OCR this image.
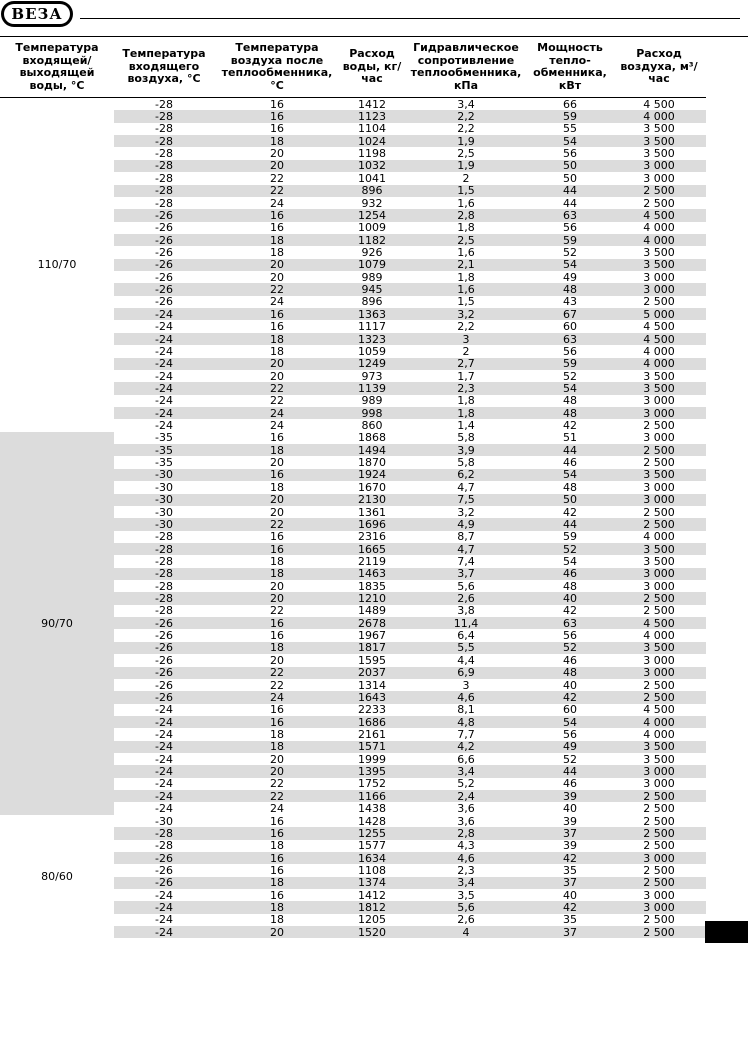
ВЕЗА
Температура входящей/ выходящей воды, °С	Температура входящего воздуха, °С	Температура воздуха после теплообменника, °С	Расход воды, кг/час	Гидравлическое сопротивление теплообменника, кПа	Мощность тепло- обменника, кВт	Расход воздуха, м³/час
110/70	-28	16	1412	3,4	66	4 500
	-28	16	1123	2,2	59	4 000
	-28	16	1104	2,2	55	3 500
	-28	18	1024	1,9	54	3 500
	-28	20	1198	2,5	56	3 500
	-28	20	1032	1,9	50	3 000
	-28	22	1041	2	50	3 000
	-28	22	896	1,5	44	2 500
	-28	24	932	1,6	44	2 500
	-26	16	1254	2,8	63	4 500
	-26	16	1009	1,8	56	4 000
	-26	18	1182	2,5	59	4 000
	-26	18	926	1,6	52	3 500
	-26	20	1079	2,1	54	3 500
	-26	20	989	1,8	49	3 000
	-26	22	945	1,6	48	3 000
	-26	24	896	1,5	43	2 500
	-24	16	1363	3,2	67	5 000
	-24	16	1117	2,2	60	4 500
	-24	18	1323	3	63	4 500
	-24	18	1059	2	56	4 000
	-24	20	1249	2,7	59	4 000
	-24	20	973	1,7	52	3 500
	-24	22	1139	2,3	54	3 500
	-24	22	989	1,8	48	3 000
	-24	24	998	1,8	48	3 000
	-24	24	860	1,4	42	2 500
90/70	-35	16	1868	5,8	51	3 000
	-35	18	1494	3,9	44	2 500
	-35	20	1870	5,8	46	2 500
	-30	16	1924	6,2	54	3 500
	-30	18	1670	4,7	48	3 000
	-30	20	2130	7,5	50	3 000
	-30	20	1361	3,2	42	2 500
	-30	22	1696	4,9	44	2 500
	-28	16	2316	8,7	59	4 000
	-28	16	1665	4,7	52	3 500
	-28	18	2119	7,4	54	3 500
	-28	18	1463	3,7	46	3 000
	-28	20	1835	5,6	48	3 000
	-28	20	1210	2,6	40	2 500
	-28	22	1489	3,8	42	2 500
	-26	16	2678	11,4	63	4 500
	-26	16	1967	6,4	56	4 000
	-26	18	1817	5,5	52	3 500
	-26	20	1595	4,4	46	3 000
	-26	22	2037	6,9	48	3 000
	-26	22	1314	3	40	2 500
	-26	24	1643	4,6	42	2 500
	-24	16	2233	8,1	60	4 500
	-24	16	1686	4,8	54	4 000
	-24	18	2161	7,7	56	4 000
	-24	18	1571	4,2	49	3 500
	-24	20	1999	6,6	52	3 500
	-24	20	1395	3,4	44	3 000
	-24	22	1752	5,2	46	3 000
	-24	22	1166	2,4	39	2 500
	-24	24	1438	3,6	40	2 500
80/60	-30	16	1428	3,6	39	2 500
	-28	16	1255	2,8	37	2 500
	-28	18	1577	4,3	39	2 500
	-26	16	1634	4,6	42	3 000
	-26	16	1108	2,3	35	2 500
	-26	18	1374	3,4	37	2 500
	-24	16	1412	3,5	40	3 000
	-24	18	1812	5,6	42	3 000
	-24	18	1205	2,6	35	2 500
	-24	20	1520	4	37	2 500
